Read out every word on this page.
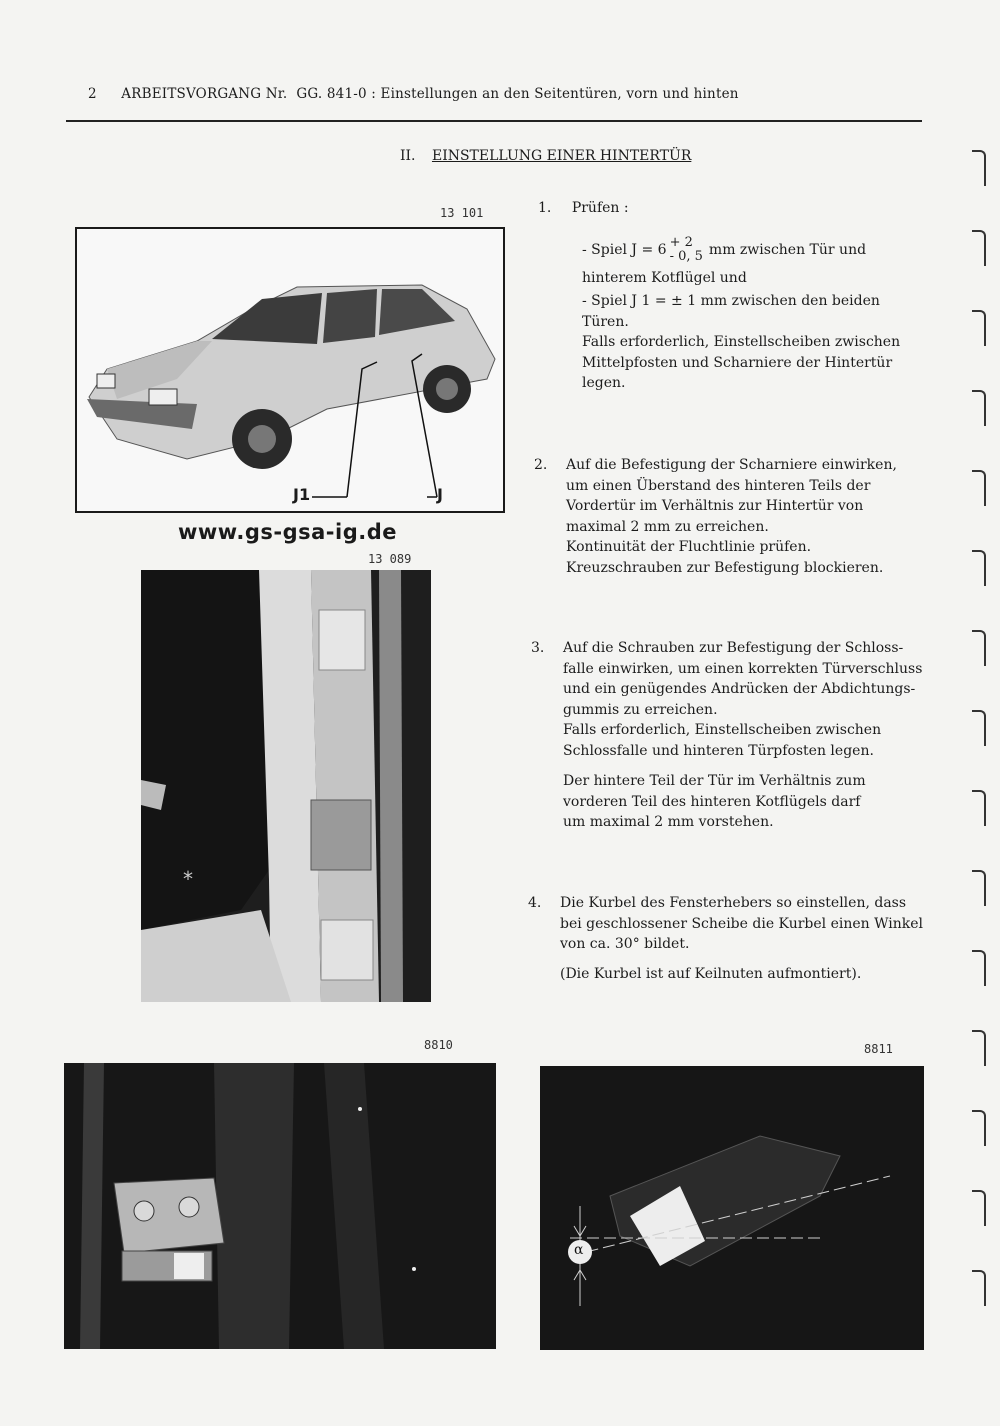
2 ARBEITSVORGANG Nr.  GG. 841-0 : Einstellungen an den Seitentüren, vorn und hinten
II. EINSTELLUNG EINER HINTERTÜR
13 101
J1	J
www.gs-gsa-ig.de
13 089
*
8810	8811
α
1. Prüfen :
- Spiel J = 6 + 2
- 0, 5 mm zwischen Tür und
hinterem Kotflügel und
- Spiel J 1 = ± 1 mm zwischen den beiden
Türen.
Falls erforderlich, Einstellscheiben zwischen
Mittelpfosten und Scharniere der Hintertür
legen.
2. Auf die Befestigung der Scharniere einwirken,
um einen Überstand des hinteren Teils der
Vordertür im Verhältnis zur Hintertür von
maximal 2 mm zu erreichen.
Kontinuität der Fluchtlinie prüfen.
Kreuzschrauben zur Befestigung blockieren.
3. Auf die Schrauben zur Befestigung der Schloss-
falle einwirken, um einen korrekten Türverschluss
und ein genügendes Andrücken der Abdichtungs-
gummis zu erreichen.
Falls erforderlich, Einstellscheiben zwischen
Schlossfalle und hinteren Türpfosten legen.
Der hintere Teil der Tür im Verhältnis zum
vorderen Teil des hinteren Kotflügels darf
um maximal 2 mm vorstehen.
4. Die Kurbel des Fensterhebers so einstellen, dass
bei geschlossener Scheibe die Kurbel einen Winkel
von ca. 30° bildet.
(Die Kurbel ist auf Keilnuten aufmontiert).
